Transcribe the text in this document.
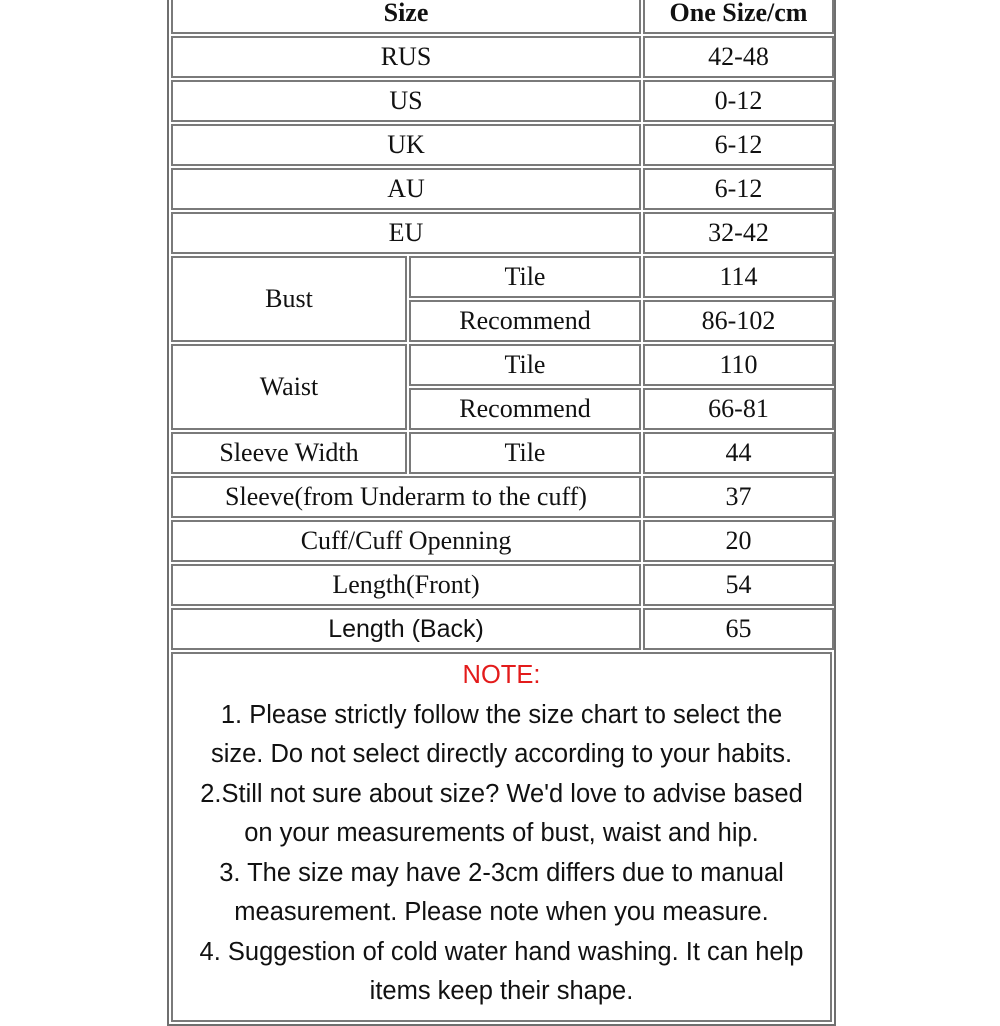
Size		One Size/cm
RUS		42-48
US		0-12
UK		6-12
AU		6-12
EU		32-42
Bust	Tile	114
	Recommend	86-102
Waist	Tile	110
	Recommend	66-81
Sleeve Width	Tile	44
Sleeve(from Underarm to the cuff)		37
Cuff/Cuff Openning		20
Length(Front)		54
Length (Back)		65
NOTE:
1. Please strictly follow the size chart to select the
size. Do not select directly according to your habits.
2.Still not sure about size? We'd love to advise based
on your measurements of bust, waist and hip.
3. The size may have 2-3cm differs due to manual
measurement. Please note when you measure.
4. Suggestion of cold water hand washing. It can help
items keep their shape.
